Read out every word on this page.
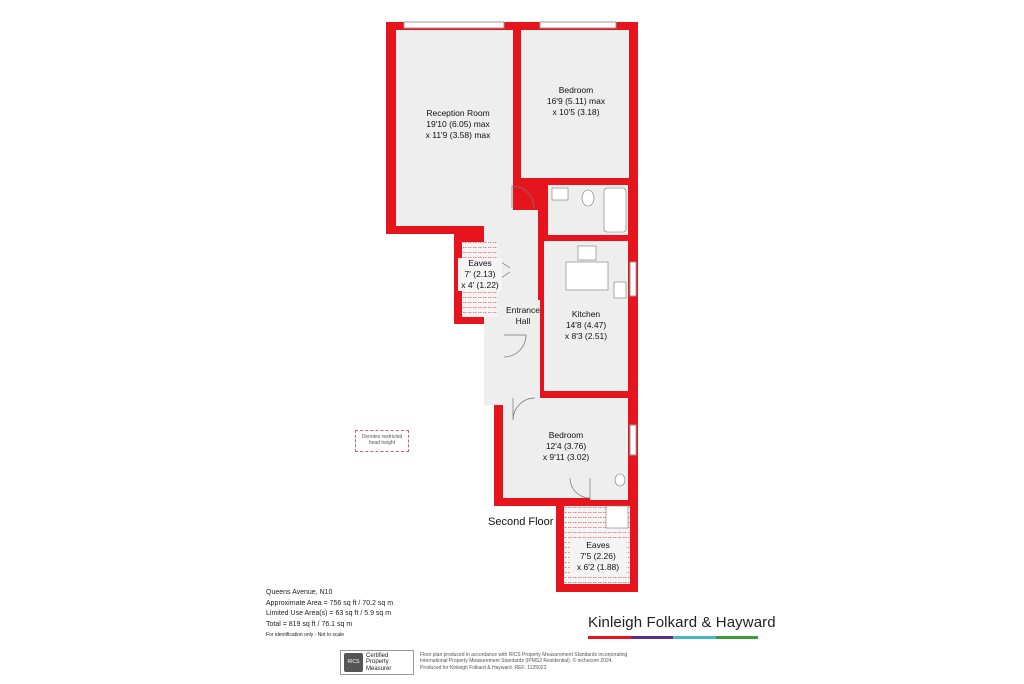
Reception Room
19'10 (6.05) max
x 11'9 (3.58) max
Bedroom
16'9 (5.11) max
x 10'5 (3.18)
Eaves
7' (2.13)
x 4' (1.22)
Entrance
Hall
Kitchen
14'8 (4.47)
x 8'3 (2.51)
Bedroom
12'4 (3.76)
x 9'11 (3.02)
Eaves
7'5 (2.26)
x 6'2 (1.88)
Denotes restricted
head height
Second Floor
Queens Avenue, N10
Approximate Area = 756 sq ft / 70.2 sq m
Limited Use Area(s) = 63 sq ft / 5.9 sq m
Total = 819 sq ft / 76.1 sq m
For identification only - Not to scale
Kinleigh Folkard & Hayward
RICS
Certified
Property
Measurer
Floor plan produced in accordance with RICS Property Measurement Standards incorporating
International Property Measurement Standards (IPMS2 Residential). © nichecom 2024.
Produced for Kinleigh Folkard & Hayward. REF: 1125023
